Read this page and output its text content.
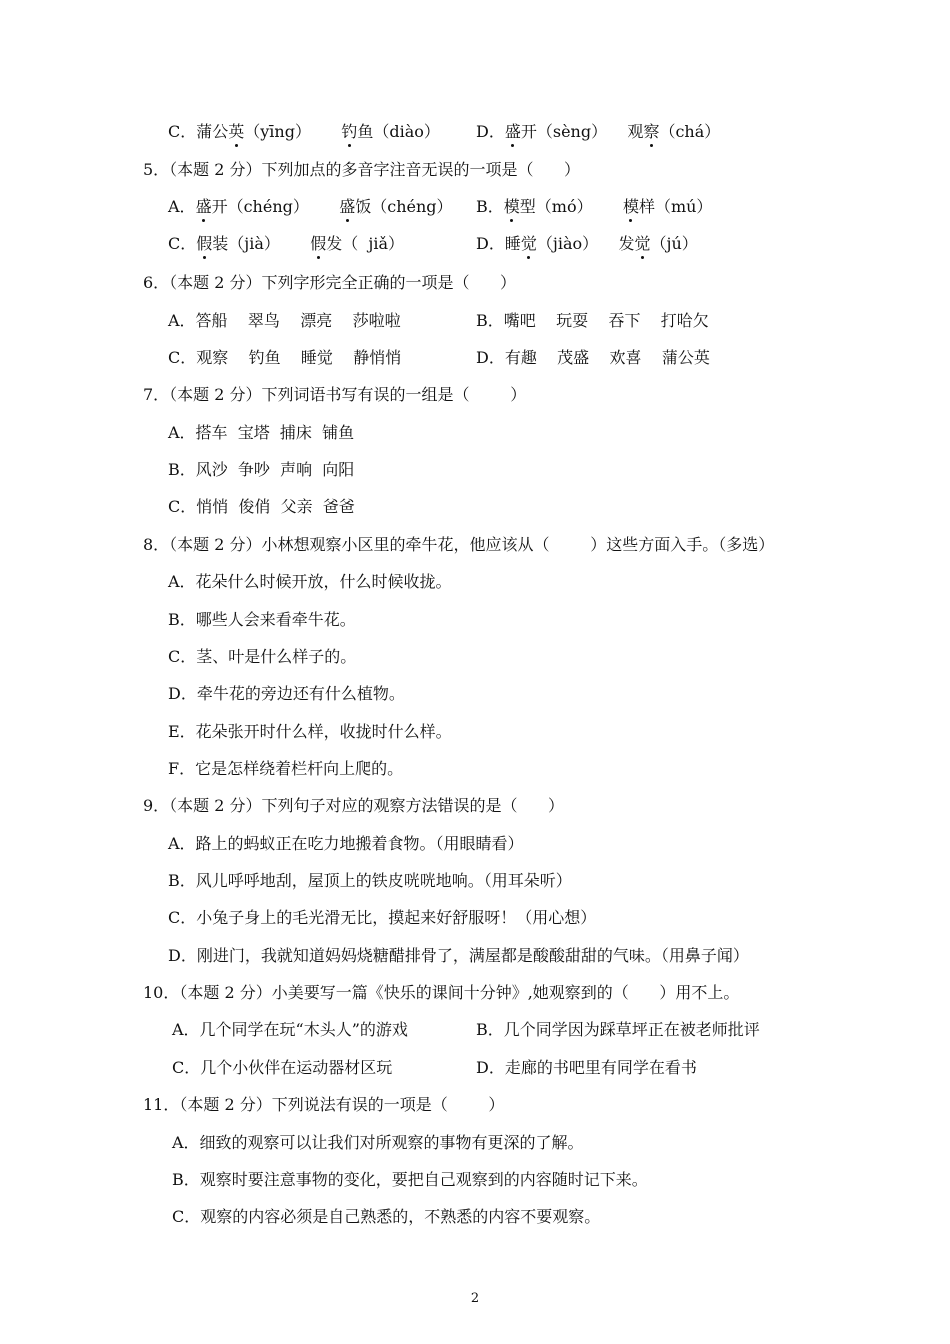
C．蒲公英（yīng）    钓鱼（diào） D．盛开（sèng）    观察（chá）
5．（本题 2 分）下列加点的多音字注音无误的一项是（      ）
A．盛开（chéng）    盛饭（chéng） B．模型（mó）    模样（mú）
C．假装（jià）    假发（  jiǎ）	D．睡觉（jiào）    发觉（jú）
6．（本题 2 分）下列字形完全正确的一项是（      ）
A．答船    翠鸟    漂亮    莎啦啦	B．嘴吧    玩耍    吞下    打哈欠
C．观察    钓鱼    睡觉    静悄悄	D．有趣    茂盛    欢喜    蒲公英
7．（本题 2 分）下列词语书写有误的一组是（        ）
A．搭车  宝塔  捕床  铺鱼
B．风沙  争吵  声响  向阳
C．悄悄  俊俏  父亲  爸爸
8．（本题 2 分）小林想观察小区里的牵牛花，他应该从（        ）这些方面入手。（多选）
A．花朵什么时候开放，什么时候收拢。
B．哪些人会来看牵牛花。
C．茎、叶是什么样子的。
D．牵牛花的旁边还有什么植物。
E．花朵张开时什么样，收拢时什么样。
F．它是怎样绕着栏杆向上爬的。
9．（本题 2 分）下列句子对应的观察方法错误的是（      ）
A．路上的蚂蚁正在吃力地搬着食物。（用眼睛看）
B．风儿呼呼地刮，屋顶上的铁皮咣咣地响。（用耳朵听）
C．小兔子身上的毛光滑无比，摸起来好舒服呀！（用心想）
D．刚进门，我就知道妈妈烧糖醋排骨了，满屋都是酸酸甜甜的气味。（用鼻子闻）
10．（本题 2 分）小美要写一篇《快乐的课间十分钟》,她观察到的（      ）用不上。
A．几个同学在玩“木头人”的游戏	B．几个同学因为踩草坪正在被老师批评
C．几个小伙伴在运动器材区玩	D．走廊的书吧里有同学在看书
11．（本题 2 分）下列说法有误的一项是（        ）
A．细致的观察可以让我们对所观察的事物有更深的了解。
B．观察时要注意事物的变化，要把自己观察到的内容随时记下来。
C．观察的内容必须是自己熟悉的，不熟悉的内容不要观察。
2
